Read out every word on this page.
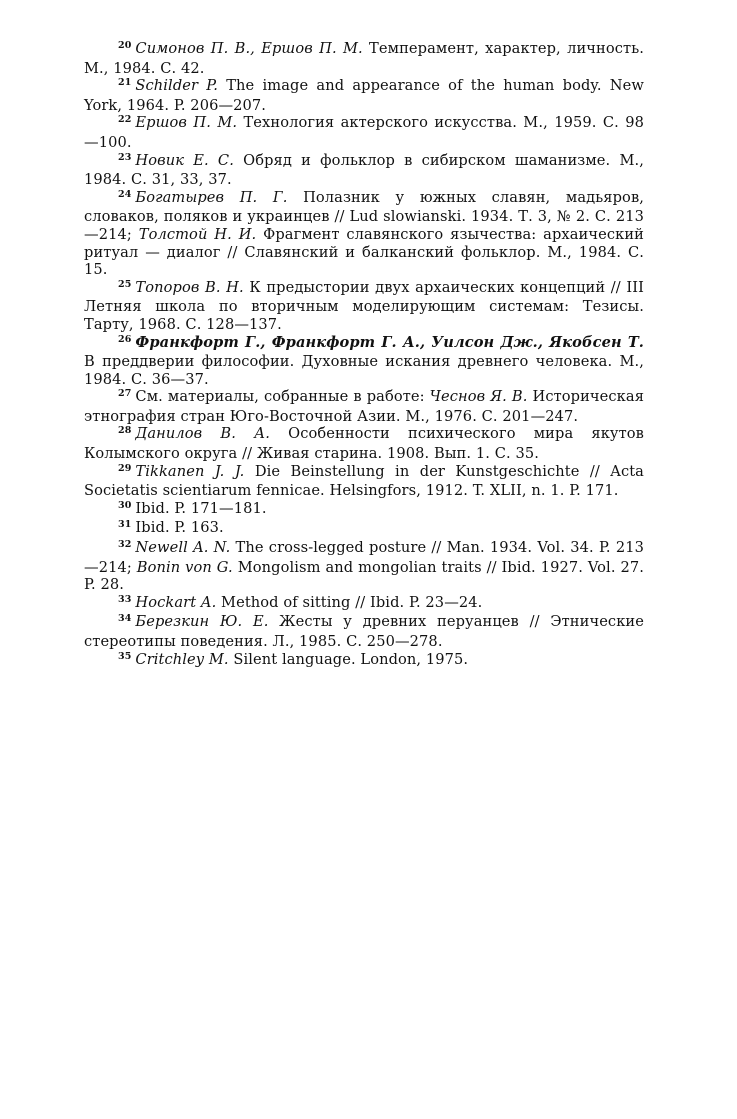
$^{20}$ Симонов П. В., Ершов П. М. Темперамент, характер, личность. М., 1984. С. 42.

$^{21}$ Schilder P. The image and appearance of the human body. New York, 1964. P. 206—207.

$^{22}$ Ершов П. М. Технология актерского искусства. М., 1959. С. 98—100.

$^{23}$ Новик Е. С. Обряд и фольклор в сибирском шаманизме. М., 1984. С. 31, 33, 37.

$^{24}$ Богатырев П. Г. Полазник у южных славян, мадьяров, словаков, поляков и украинцев // Lud slowianski. 1934. Т. 3, № 2. С. 213—214; Толстой Н. И. Фрагмент славянского язычества: архаический ритуал — диалог // Славянский и балканский фольклор. М., 1984. С. 15.

$^{25}$ Топоров В. Н. К предыстории двух архаических концепций // III Летняя школа по вторичным моделирующим системам: Тезисы. Тарту, 1968. С. 128—137.

$^{26}$ Франкфорт Г., Франкфорт Г. А., Уилсон Дж., Якобсен Т. В преддверии философии. Духовные искания древнего человека. М., 1984. С. 36—37.

$^{27}$ См. материалы, собранные в работе: Чеснов Я. В. Историческая этнография стран Юго-Восточной Азии. М., 1976. С. 201—247.

$^{28}$ Данилов В. А. Особенности психического мира якутов Колымского округа // Живая старина. 1908. Вып. 1. С. 35.

$^{29}$ Tikkanen J. J. Die Beinstellung in der Kunstgeschichte // Acta Societatis scientiarum fennicae. Helsingfors, 1912. T. XLII, n. 1. P. 171.

$^{30}$ Ibid. P. 171—181.

$^{31}$ Ibid. P. 163.

$^{32}$ Newell A. N. The cross-legged posture // Man. 1934. Vol. 34. P. 213—214; Bonin von G. Mongolism and mongolian traits // Ibid. 1927. Vol. 27. P. 28.

$^{33}$ Hockart A. Method of sitting // Ibid. P. 23—24.

$^{34}$ Березкин Ю. Е. Жесты у древних перуанцев // Этнические стереотипы поведения. Л., 1985. С. 250—278.

$^{35}$ Critchley M. Silent language. London, 1975.
